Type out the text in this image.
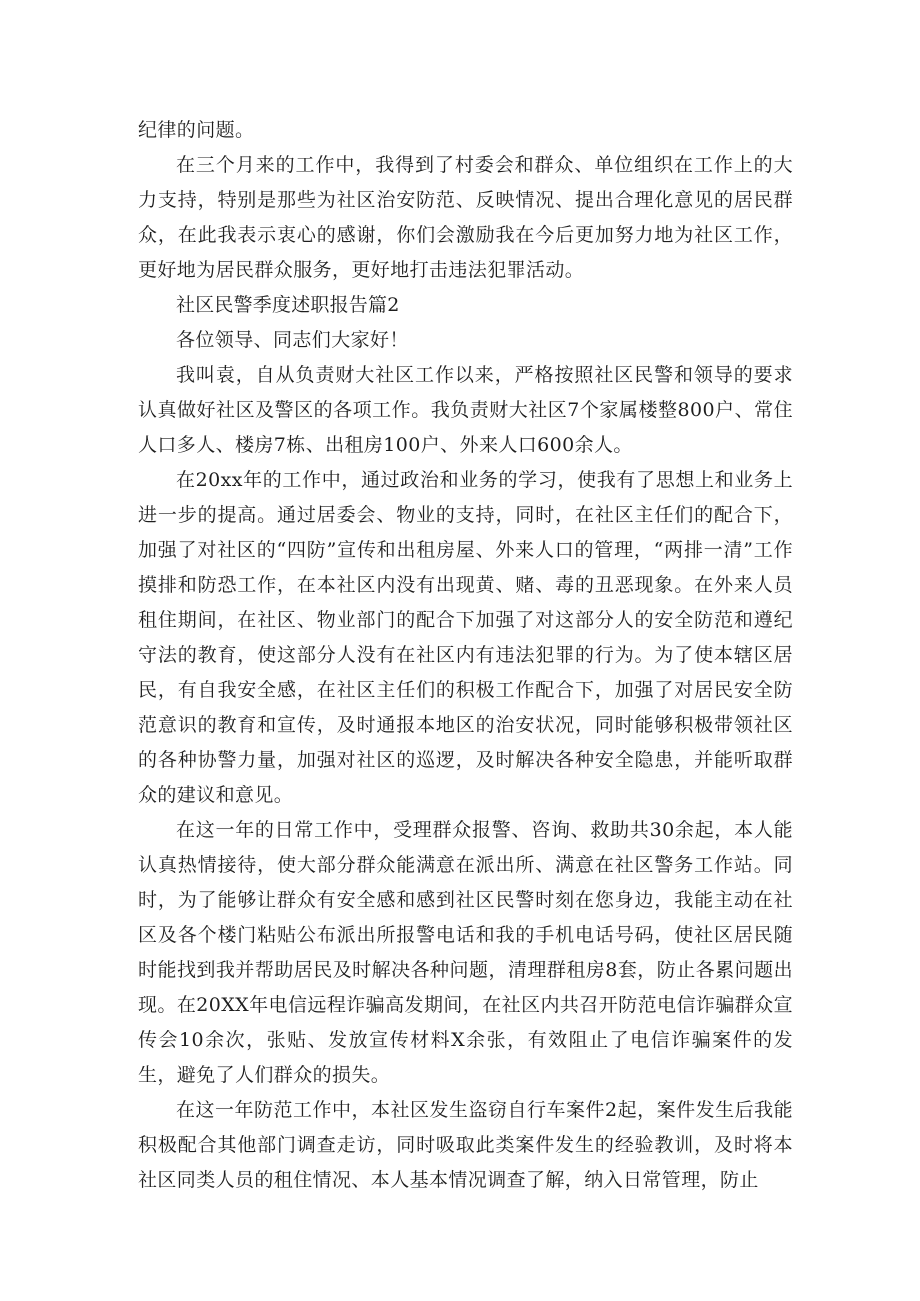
纪律的问题。

在三个月来的工作中，我得到了村委会和群众、单位组织在工作上的大力支持，特别是那些为社区治安防范、反映情况、提出合理化意见的居民群众，在此我表示衷心的感谢，你们会激励我在今后更加努力地为社区工作，更好地为居民群众服务，更好地打击违法犯罪活动。

社区民警季度述职报告篇2

各位领导、同志们大家好！

我叫袁，自从负责财大社区工作以来，严格按照社区民警和领导的要求认真做好社区及警区的各项工作。我负责财大社区7个家属楼整800户、常住人口多人、楼房7栋、出租房100户、外来人口600余人。

在20xx年的工作中，通过政治和业务的学习，使我有了思想上和业务上进一步的提高。通过居委会、物业的支持，同时，在社区主任们的配合下，加强了对社区的“四防”宣传和出租房屋、外来人口的管理，“两排一清”工作摸排和防恐工作，在本社区内没有出现黄、赌、毒的丑恶现象。在外来人员租住期间，在社区、物业部门的配合下加强了对这部分人的安全防范和遵纪守法的教育，使这部分人没有在社区内有违法犯罪的行为。为了使本辖区居民，有自我安全感，在社区主任们的积极工作配合下，加强了对居民安全防范意识的教育和宣传，及时通报本地区的治安状况，同时能够积极带领社区的各种协警力量，加强对社区的巡逻，及时解决各种安全隐患，并能听取群众的建议和意见。

在这一年的日常工作中，受理群众报警、咨询、救助共30余起，本人能认真热情接待，使大部分群众能满意在派出所、满意在社区警务工作站。同时，为了能够让群众有安全感和感到社区民警时刻在您身边，我能主动在社区及各个楼门粘贴公布派出所报警电话和我的手机电话号码，使社区居民随时能找到我并帮助居民及时解决各种问题，清理群租房8套，防止各累问题出现。在20XX年电信远程诈骗高发期间，在社区内共召开防范电信诈骗群众宣传会10余次，张贴、发放宣传材料X余张，有效阻止了电信诈骗案件的发生，避免了人们群众的损失。

在这一年防范工作中，本社区发生盗窃自行车案件2起，案件发生后我能积极配合其他部门调查走访，同时吸取此类案件发生的经验教训，及时将本社区同类人员的租住情况、本人基本情况调查了解，纳入日常管理，防止
